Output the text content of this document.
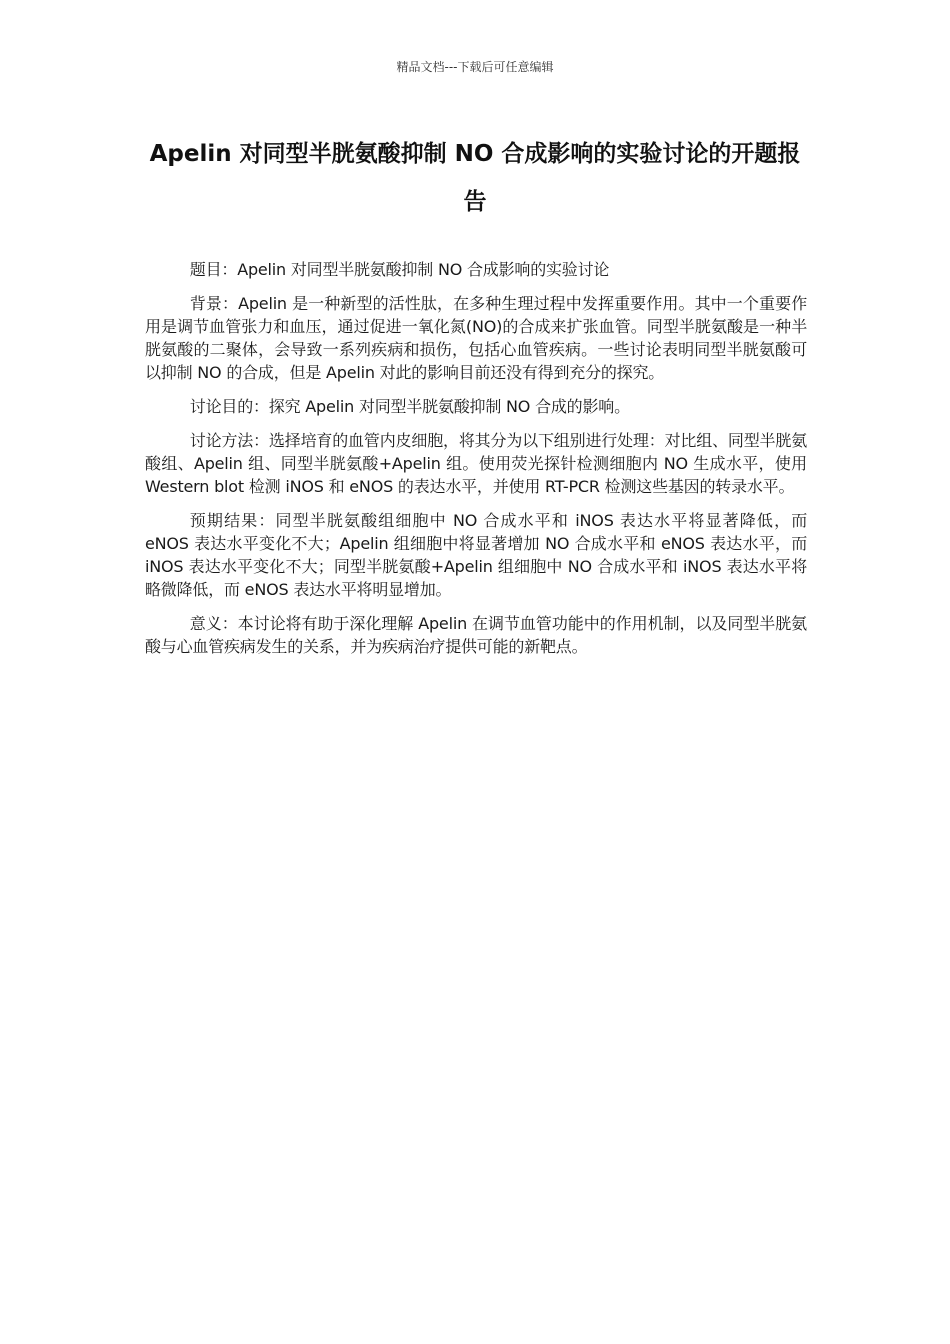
精品文档---下载后可任意编辑
Apelin 对同型半胱氨酸抑制 NO 合成影响的实验讨论的开题报告

题目：Apelin 对同型半胱氨酸抑制 NO 合成影响的实验讨论

背景：Apelin 是一种新型的活性肽，在多种生理过程中发挥重要作用。其中一个重要作用是调节血管张力和血压，通过促进一氧化氮(NO)的合成来扩张血管。同型半胱氨酸是一种半胱氨酸的二聚体，会导致一系列疾病和损伤，包括心血管疾病。一些讨论表明同型半胱氨酸可以抑制 NO 的合成，但是 Apelin 对此的影响目前还没有得到充分的探究。

讨论目的：探究 Apelin 对同型半胱氨酸抑制 NO 合成的影响。

讨论方法：选择培育的血管内皮细胞，将其分为以下组别进行处理：对比组、同型半胱氨酸组、Apelin 组、同型半胱氨酸+Apelin 组。使用荧光探针检测细胞内 NO 生成水平，使用 Western blot 检测 iNOS 和 eNOS 的表达水平，并使用 RT-PCR 检测这些基因的转录水平。

预期结果：同型半胱氨酸组细胞中 NO 合成水平和 iNOS 表达水平将显著降低，而 eNOS 表达水平变化不大；Apelin 组细胞中将显著增加 NO 合成水平和 eNOS 表达水平，而 iNOS 表达水平变化不大；同型半胱氨酸+Apelin 组细胞中 NO 合成水平和 iNOS 表达水平将略微降低，而 eNOS 表达水平将明显增加。

意义：本讨论将有助于深化理解 Apelin 在调节血管功能中的作用机制，以及同型半胱氨酸与心血管疾病发生的关系，并为疾病治疗提供可能的新靶点。
